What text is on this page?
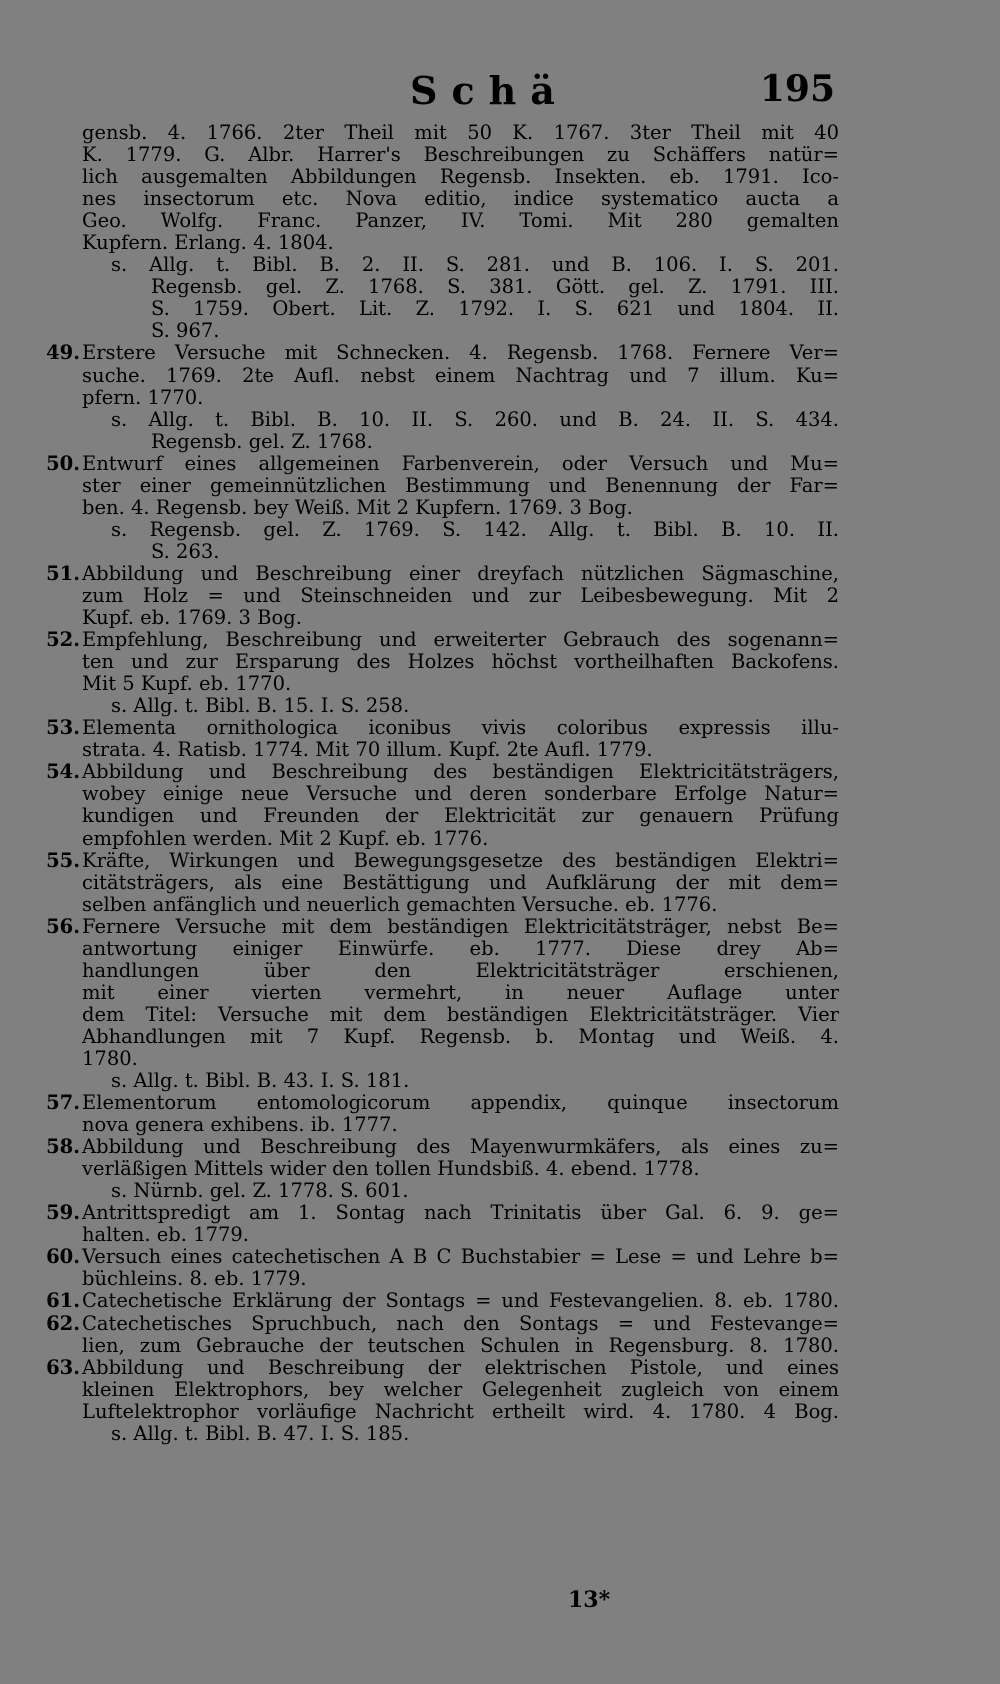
Schä	195
gensb. 4. 1766. 2ter Theil mit 50 K. 1767. 3ter Theil mit 40
K. 1779. G. Albr. Harrer's Beschreibungen zu Schäffers natür=
lich ausgemalten Abbildungen Regensb. Insekten. eb. 1791. Ico-
nes insectorum etc. Nova editio, indice systematico aucta a
Geo. Wolfg. Franc. Panzer, IV. Tomi. Mit 280 gemalten
Kupfern. Erlang. 4. 1804.
s. Allg. t. Bibl. B. 2. II. S. 281. und B. 106. I. S. 201.
Regensb. gel. Z. 1768. S. 381. Gött. gel. Z. 1791. III.
S. 1759. Obert. Lit. Z. 1792. I. S. 621 und 1804. II.
S. 967.
49. Erstere Versuche mit Schnecken. 4. Regensb. 1768. Fernere Ver=
suche. 1769. 2te Aufl. nebst einem Nachtrag und 7 illum. Ku=
pfern. 1770.
s. Allg. t. Bibl. B. 10. II. S. 260. und B. 24. II. S. 434.
Regensb. gel. Z. 1768.
50. Entwurf eines allgemeinen Farbenverein, oder Versuch und Mu=
ster einer gemeinnützlichen Bestimmung und Benennung der Far=
ben. 4. Regensb. bey Weiß. Mit 2 Kupfern. 1769. 3 Bog.
s. Regensb. gel. Z. 1769. S. 142. Allg. t. Bibl. B. 10. II.
S. 263.
51. Abbildung und Beschreibung einer dreyfach nützlichen Sägmaschine,
zum Holz = und Steinschneiden und zur Leibesbewegung. Mit 2
Kupf. eb. 1769. 3 Bog.
52. Empfehlung, Beschreibung und erweiterter Gebrauch des sogenann=
ten und zur Ersparung des Holzes höchst vortheilhaften Backofens.
Mit 5 Kupf. eb. 1770.
s. Allg. t. Bibl. B. 15. I. S. 258.
53. Elementa ornithologica iconibus vivis coloribus expressis illu-
strata. 4. Ratisb. 1774. Mit 70 illum. Kupf. 2te Aufl. 1779.
54. Abbildung und Beschreibung des beständigen Elektricitätsträgers,
wobey einige neue Versuche und deren sonderbare Erfolge Natur=
kundigen und Freunden der Elektricität zur genauern Prüfung
empfohlen werden. Mit 2 Kupf. eb. 1776.
55. Kräfte, Wirkungen und Bewegungsgesetze des beständigen Elektri=
citätsträgers, als eine Bestättigung und Aufklärung der mit dem=
selben anfänglich und neuerlich gemachten Versuche. eb. 1776.
56. Fernere Versuche mit dem beständigen Elektricitätsträger, nebst Be=
antwortung einiger Einwürfe. eb. 1777. Diese drey Ab=
handlungen über den Elektricitätsträger erschienen,
mit einer vierten vermehrt, in neuer Auflage unter
dem Titel: Versuche mit dem beständigen Elektricitätsträger. Vier
Abhandlungen mit 7 Kupf. Regensb. b. Montag und Weiß. 4.
1780.
s. Allg. t. Bibl. B. 43. I. S. 181.
57. Elementorum entomologicorum appendix, quinque insectorum
nova genera exhibens. ib. 1777.
58. Abbildung und Beschreibung des Mayenwurmkäfers, als eines zu=
verläßigen Mittels wider den tollen Hundsbiß. 4. ebend. 1778.
s. Nürnb. gel. Z. 1778. S. 601.
59. Antrittspredigt am 1. Sontag nach Trinitatis über Gal. 6. 9. ge=
halten. eb. 1779.
60. Versuch eines catechetischen A B C Buchstabier = Lese = und Lehre b=
büchleins. 8. eb. 1779.
61. Catechetische Erklärung der Sontags = und Festevangelien. 8. eb. 1780.
62. Catechetisches Spruchbuch, nach den Sontags = und Festevange=
lien, zum Gebrauche der teutschen Schulen in Regensburg. 8. 1780.
63. Abbildung und Beschreibung der elektrischen Pistole, und eines
kleinen Elektrophors, bey welcher Gelegenheit zugleich von einem
Luftelektrophor vorläufige Nachricht ertheilt wird. 4. 1780. 4 Bog.
s. Allg. t. Bibl. B. 47. I. S. 185.
13*
